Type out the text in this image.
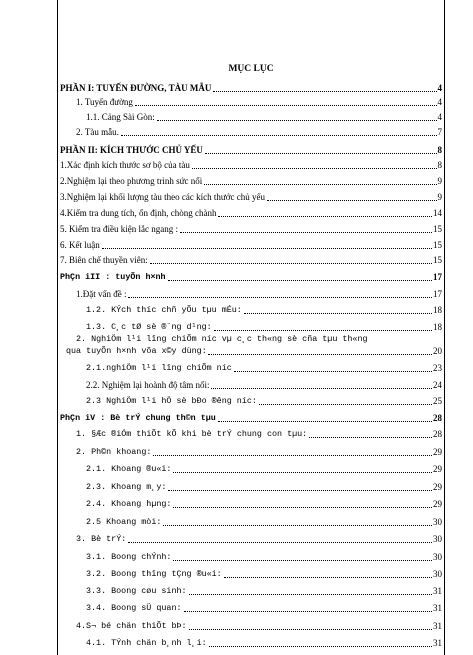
MỤC LỤC
PHẦN I: TUYẾN ĐƯỜNG, TÀU MẪU	4
1. Tuyến đường	4
1.1. Cảng Sài Gòn:	4
2. Tàu mẫu.	7
PHẦN II: KÍCH THƯỚC CHỦ YẾU	8
1.Xác định kích thước sơ bộ của tàu	8
2.Nghiệm lại theo phương trình sức nổi	9
3.Nghiệm lại khối lượng tàu theo các kích thước chủ yếu	9
4.Kiểm tra dung tích, ổn định, chòng chành	14
5. Kiểm tra điều kiện lắc ngang :	15
6. Kết luận	15
7. Biên chế thuyền viên:	15
PhÇn iII : tuyÕn h×nh	17
1.Đặt vấn đề :	17
1.2. KÝch thíc chñ yÕu tµu mÉu:	18
1.3. C¸c tØ sè ®¨ng d¹ng:	18
2. NghiÖm l¹i lîng chiÕm níc vµ c¸c th«ng sè cña tµu th«ng
qua tuyÕn h×nh võa x©y dùng:	20
2.1.nghiÖm l¹i lîng chiÕm níc	23
2.2. Nghiệm lại hoành độ tâm nổi:	24
2.3 NghiÖm l¹i hÖ sè bÐo ®êng níc:	25
PhÇn iV : Bè trÝ chung th©n tµu	28
1. §Æc ®iÓm thiÕt kÕ khi bè trÝ chung con tµu:	28
2. Ph©n khoang:	29
2.1. Khoang ®u«i:	29
2.3. Khoang m¸y:	29
2.4. Khoang hµng:	29
2.5 Khoang mòi:	30
3. Bè trÝ:	30
3.1. Boong chÝnh:	30
3.2. Boong thîng tÇng ®u«i:	30
3.3. Boong cøu sinh:	31
3.4. Boong sÜ quan:	31
4.S¬ bé chän thiÕt bÞ:	31
4.1. TÝnh chän b¸nh l¸i:	31
